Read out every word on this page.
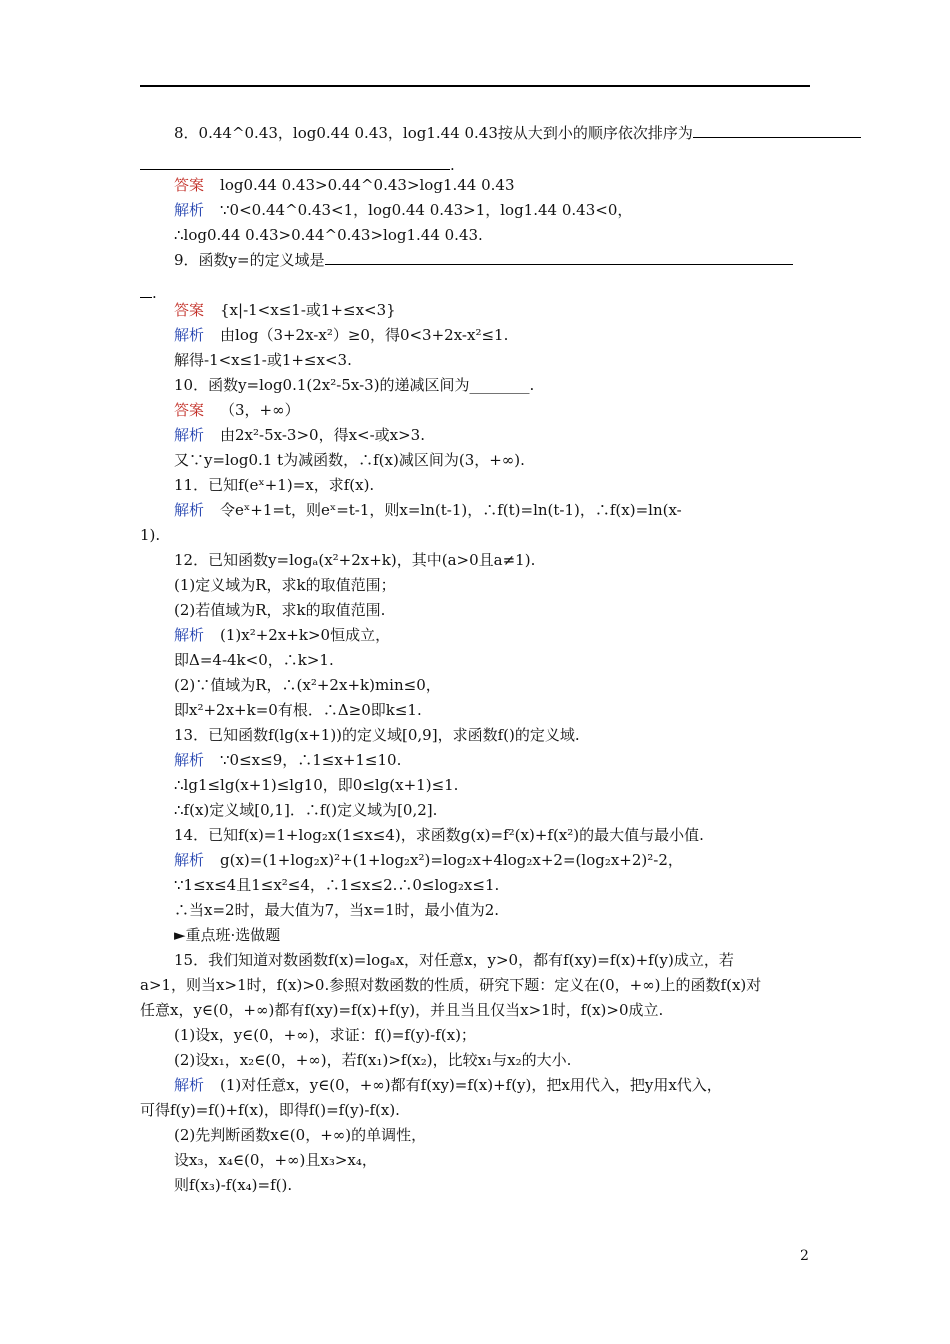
8．0.44^0.43，log0.44 0.43，log1.44 0.43按从大到小的顺序依次排序为
.
答案 log0.44 0.43>0.44^0.43>log1.44 0.43
解析 ∵0<0.44^0.43<1，log0.44 0.43>1，log1.44 0.43<0，
∴log0.44 0.43>0.44^0.43>log1.44 0.43.
9．函数y=的定义域是
.
答案 {x|-1<x≤1-或1+≤x<3}
解析 由log（3+2x-x²）≥0，得0<3+2x-x²≤1.
解得-1<x≤1-或1+≤x<3.
10．函数y=log0.1(2x²-5x-3)的递减区间为________.
答案 （3，+∞）
解析 由2x²-5x-3>0，得x<-或x>3.
又∵y=log0.1 t为减函数，∴f(x)减区间为(3，+∞).
11．已知f(eˣ+1)=x，求f(x).
解析 令eˣ+1=t，则eˣ=t-1，则x=ln(t-1)，∴f(t)=ln(t-1)，∴f(x)=ln(x-
1).
12．已知函数y=logₐ(x²+2x+k)，其中(a>0且a≠1).
(1)定义域为R，求k的取值范围；
(2)若值域为R，求k的取值范围.
解析 (1)x²+2x+k>0恒成立，
即Δ=4-4k<0，∴k>1.
(2)∵值域为R，∴(x²+2x+k)min≤0，
即x²+2x+k=0有根．∴Δ≥0即k≤1.
13．已知函数f(lg(x+1))的定义域[0,9]，求函数f()的定义域.
解析 ∵0≤x≤9，∴1≤x+1≤10.
∴lg1≤lg(x+1)≤lg10，即0≤lg(x+1)≤1.
∴f(x)定义域[0,1]．∴f()定义域为[0,2].
14．已知f(x)=1+log₂x(1≤x≤4)，求函数g(x)=f²(x)+f(x²)的最大值与最小值.
解析 g(x)=(1+log₂x)²+(1+log₂x²)=log₂x+4log₂x+2=(log₂x+2)²-2，
∵1≤x≤4且1≤x²≤4，∴1≤x≤2.∴0≤log₂x≤1.
∴当x=2时，最大值为7，当x=1时，最小值为2.
►重点班·选做题
15．我们知道对数函数f(x)=logₐx，对任意x，y>0，都有f(xy)=f(x)+f(y)成立，若
a>1，则当x>1时，f(x)>0.参照对数函数的性质，研究下题：定义在(0，+∞)上的函数f(x)对
任意x，y∈(0，+∞)都有f(xy)=f(x)+f(y)，并且当且仅当x>1时，f(x)>0成立.
(1)设x，y∈(0，+∞)，求证：f()=f(y)-f(x)；
(2)设x₁，x₂∈(0，+∞)，若f(x₁)>f(x₂)，比较x₁与x₂的大小.
解析 (1)对任意x，y∈(0，+∞)都有f(xy)=f(x)+f(y)，把x用代入，把y用x代入，
可得f(y)=f()+f(x)，即得f()=f(y)-f(x).
(2)先判断函数x∈(0，+∞)的单调性，
设x₃，x₄∈(0，+∞)且x₃>x₄，
则f(x₃)-f(x₄)=f().
2
